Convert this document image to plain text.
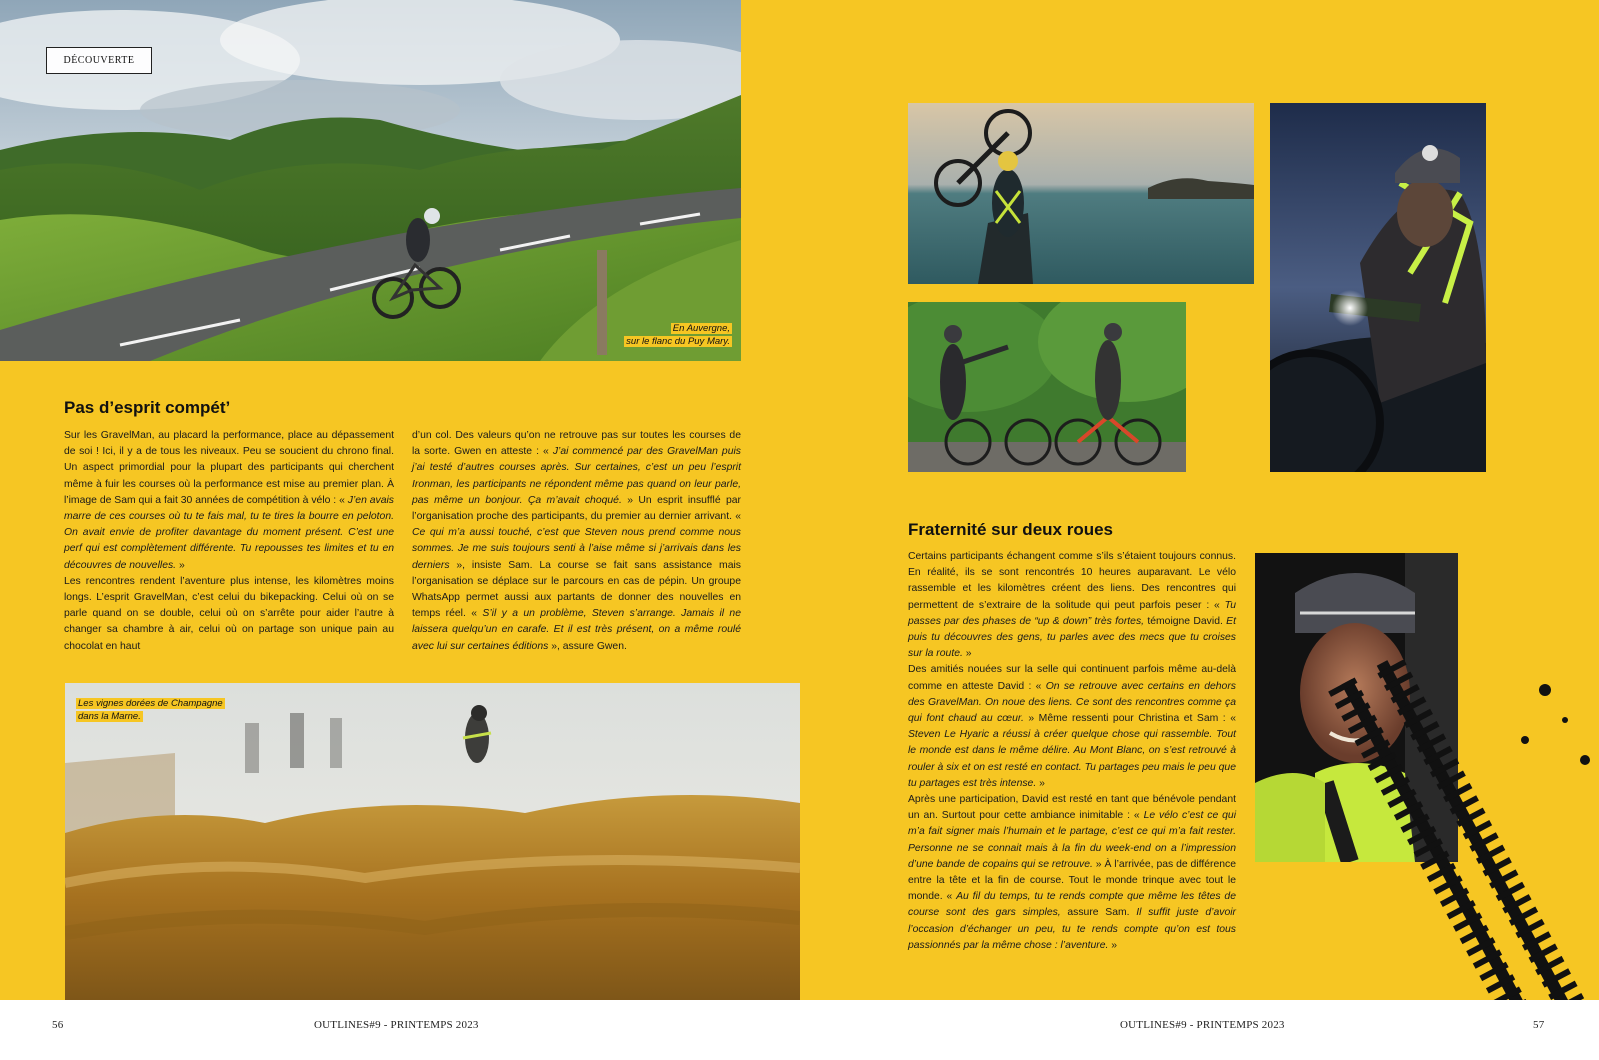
DÉCOUVERTE
En Auvergne,
sur le flanc du Puy Mary.
Pas d’esprit compét’
Sur les GravelMan, au placard la performance, place au dépassement de soi ! Ici, il y a de tous les niveaux. Peu se soucient du chrono final. Un aspect primordial pour la plupart des participants qui cherchent même à fuir les courses où la performance est mise au premier plan. À l’image de Sam qui a fait 30 années de compétition à vélo : « J’en avais marre de ces courses où tu te fais mal, tu te tires la bourre en peloton. On avait envie de profiter davantage du moment présent. C’est une perf qui est complètement différente. Tu repousses tes limites et tu en découvres de nouvelles. »
Les rencontres rendent l’aventure plus intense, les kilomètres moins longs. L’esprit GravelMan, c’est celui du bikepacking. Celui où on se parle quand on se double, celui où on s’arrête pour aider l’autre à changer sa chambre à air, celui où on partage son unique pain au chocolat en haut
d’un col. Des valeurs qu’on ne retrouve pas sur toutes les courses de la sorte. Gwen en atteste : « J’ai commencé par des GravelMan puis j’ai testé d’autres courses après. Sur certaines, c’est un peu l’esprit Ironman, les participants ne répondent même pas quand on leur parle, pas même un bonjour. Ça m’avait choqué. » Un esprit insufflé par l’organisation proche des participants, du premier au dernier arrivant. « Ce qui m’a aussi touché, c’est que Steven nous prend comme nous sommes. Je me suis toujours senti à l’aise même si j’arrivais dans les derniers », insiste Sam. La course se fait sans assistance mais l’organisation se déplace sur le parcours en cas de pépin. Un groupe WhatsApp permet aussi aux partants de donner des nouvelles en temps réel. « S’il y a un problème, Steven s’arrange. Jamais il ne laissera quelqu’un en carafe. Et il est très présent, on a même roulé avec lui sur certaines éditions », assure Gwen.
Les vignes dorées de Champagne
dans la Marne.
Fraternité sur deux roues
Certains participants échangent comme s’ils s’étaient toujours connus. En réalité, ils se sont rencontrés 10 heures auparavant. Le vélo rassemble et les kilomètres créent des liens. Des rencontres qui permettent de s’extraire de la solitude qui peut parfois peser : « Tu passes par des phases de “up & down” très fortes, témoigne David. Et puis tu découvres des gens, tu parles avec des mecs que tu croises sur la route. »
Des amitiés nouées sur la selle qui continuent parfois même au-delà comme en atteste David : « On se retrouve avec certains en dehors des GravelMan. On noue des liens. Ce sont des rencontres comme ça qui font chaud au cœur. » Même ressenti pour Christina et Sam : « Steven Le Hyaric a réussi à créer quelque chose qui rassemble. Tout le monde est dans le même délire. Au Mont Blanc, on s’est retrouvé à rouler à six et on est resté en contact. Tu partages peu mais le peu que tu partages est très intense. »
Après une participation, David est resté en tant que bénévole pendant un an. Surtout pour cette ambiance inimitable : « Le vélo c’est ce qui m’a fait signer mais l’humain et le partage, c’est ce qui m’a fait rester. Personne ne se connait mais à la fin du week-end on a l’impression d’une bande de copains qui se retrouve. » À l’arrivée, pas de différence entre la tête et la fin de course. Tout le monde trinque avec tout le monde. « Au fil du temps, tu te rends compte que même les têtes de course sont des gars simples, assure Sam. Il suffit juste d’avoir l’occasion d’échanger un peu, tu te rends compte qu’on est tous passionnés par la même chose : l’aventure. »
56	OUTLINES#9 - PRINTEMPS 2023	OUTLINES#9 - PRINTEMPS 2023	57
